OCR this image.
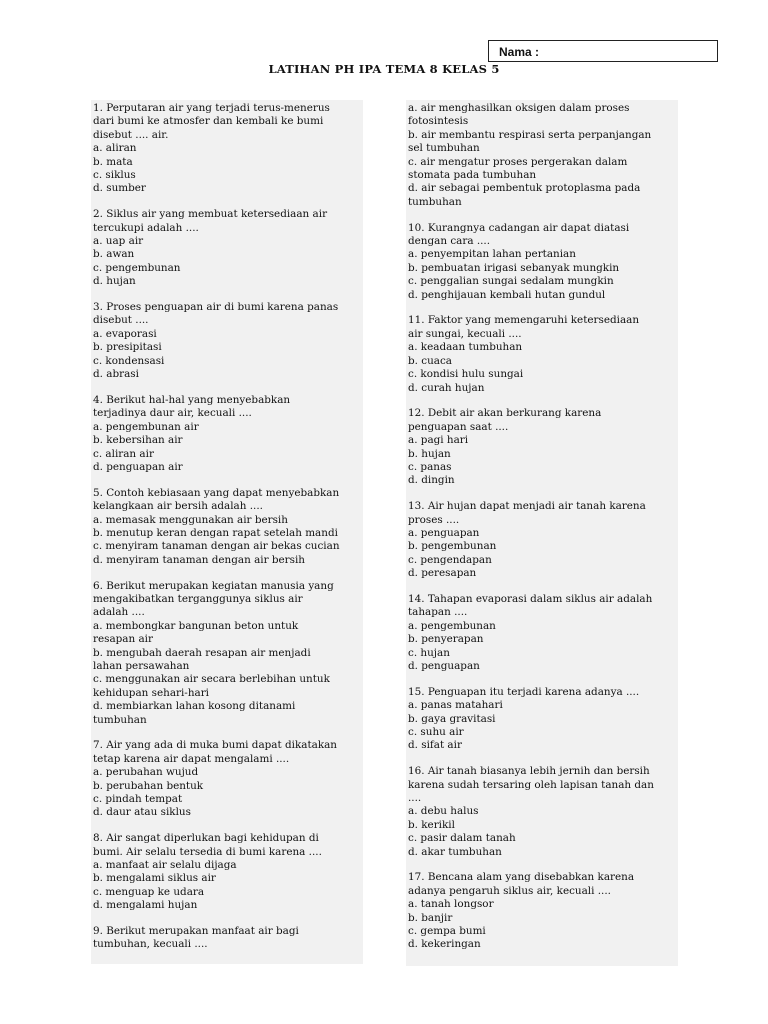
Nama :
LATIHAN PH IPA TEMA 8 KELAS 5
1. Perputaran air yang terjadi terus-menerus
dari bumi ke atmosfer dan kembali ke bumi
disebut .... air.
a. aliran
b. mata
c. siklus
d. sumber
2. Siklus air yang membuat ketersediaan air
tercukupi adalah ....
a. uap air
b. awan
c. pengembunan
d. hujan
3. Proses penguapan air di bumi karena panas
disebut ....
a. evaporasi
b. presipitasi
c. kondensasi
d. abrasi
4. Berikut hal-hal yang menyebabkan
terjadinya daur air, kecuali ....
a. pengembunan air
b. kebersihan air
c. aliran air
d. penguapan air
5. Contoh kebiasaan yang dapat menyebabkan
kelangkaan air bersih adalah ....
a. memasak menggunakan air bersih
b. menutup keran dengan rapat setelah mandi
c. menyiram tanaman dengan air bekas cucian
d. menyiram tanaman dengan air bersih
6. Berikut merupakan kegiatan manusia yang
mengakibatkan terganggunya siklus air
adalah ....
a. membongkar bangunan beton untuk
resapan air
b. mengubah daerah resapan air menjadi
lahan persawahan
c. menggunakan air secara berlebihan untuk
kehidupan sehari-hari
d. membiarkan lahan kosong ditanami
tumbuhan
7. Air yang ada di muka bumi dapat dikatakan
tetap karena air dapat mengalami ....
a. perubahan wujud
b. perubahan bentuk
c. pindah tempat
d. daur atau siklus
8. Air sangat diperlukan bagi kehidupan di
bumi. Air selalu tersedia di bumi karena ....
a. manfaat air selalu dijaga
b. mengalami siklus air
c. menguap ke udara
d. mengalami hujan
9. Berikut merupakan manfaat air bagi
tumbuhan, kecuali ....
a. air menghasilkan oksigen dalam proses
fotosintesis
b. air membantu respirasi serta perpanjangan
sel tumbuhan
c. air mengatur proses pergerakan dalam
stomata pada tumbuhan
d. air sebagai pembentuk protoplasma pada
tumbuhan
10. Kurangnya cadangan air dapat diatasi
dengan cara ....
a. penyempitan lahan pertanian
b. pembuatan irigasi sebanyak mungkin
c. penggalian sungai sedalam mungkin
d. penghijauan kembali hutan gundul
11. Faktor yang memengaruhi ketersediaan
air sungai, kecuali ....
a. keadaan tumbuhan
b. cuaca
c. kondisi hulu sungai
d. curah hujan
12. Debit air akan berkurang karena
penguapan saat ....
a. pagi hari
b. hujan
c. panas
d. dingin
13. Air hujan dapat menjadi air tanah karena
proses ....
a. penguapan
b. pengembunan
c. pengendapan
d. peresapan
14. Tahapan evaporasi dalam siklus air adalah
tahapan ....
a. pengembunan
b. penyerapan
c. hujan
d. penguapan
15. Penguapan itu terjadi karena adanya ....
a. panas matahari
b. gaya gravitasi
c. suhu air
d. sifat air
16. Air tanah biasanya lebih jernih dan bersih
karena sudah tersaring oleh lapisan tanah dan
....
a. debu halus
b. kerikil
c. pasir dalam tanah
d. akar tumbuhan
17. Bencana alam yang disebabkan karena
adanya pengaruh siklus air, kecuali ....
a. tanah longsor
b. banjir
c. gempa bumi
d. kekeringan
